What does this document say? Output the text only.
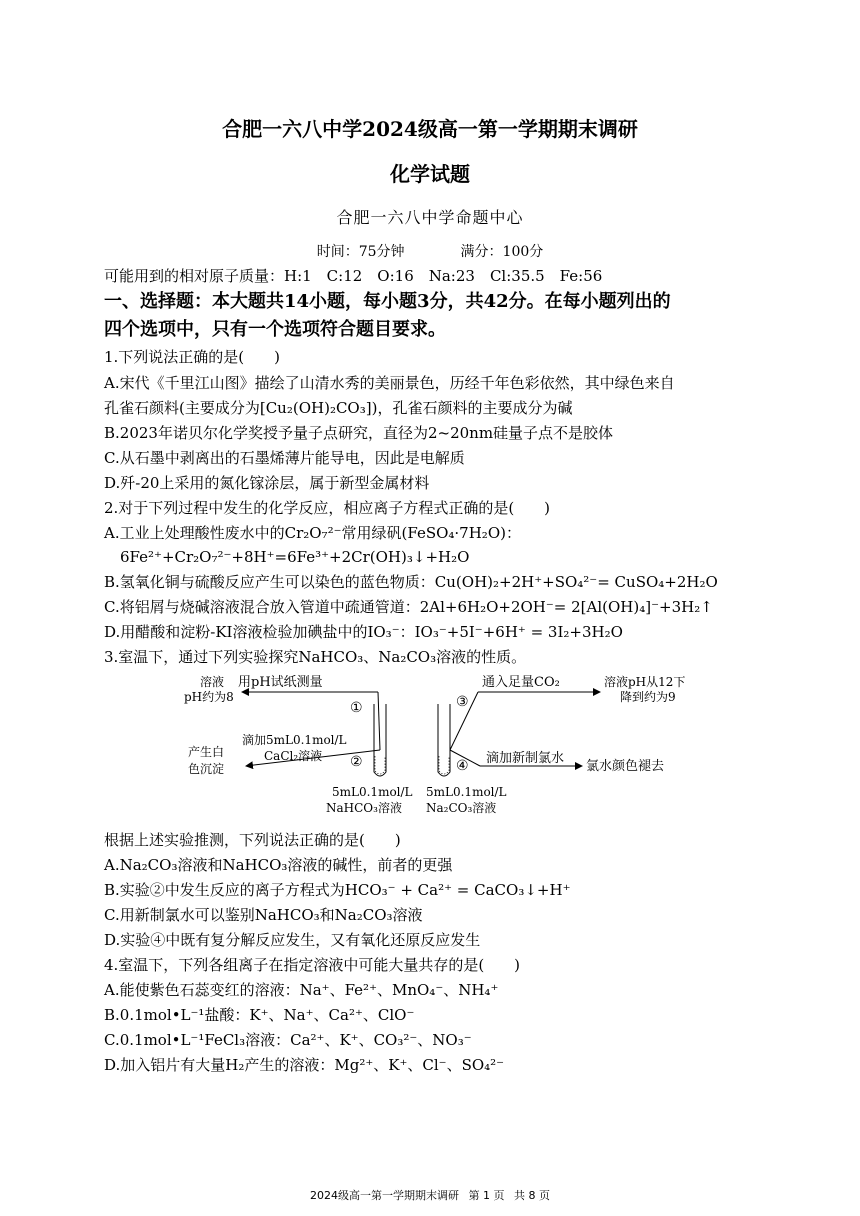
合肥一六八中学2024级高一第一学期期末调研
化学试题
合肥一六八中学命题中心
时间：75分钟	满分：100分
可能用到的相对原子质量：H:1　C:12　O:16　Na:23　Cl:35.5　Fe:56
一、选择题：本大题共14小题，每小题3分，共42分。在每小题列出的
四个选项中，只有一个选项符合题目要求。
1.下列说法正确的是(　　)
A.宋代《千里江山图》描绘了山清水秀的美丽景色，历经千年色彩依然，其中绿色来自
孔雀石颜料(主要成分为[Cu₂(OH)₂CO₃])，孔雀石颜料的主要成分为碱
B.2023年诺贝尔化学奖授予量子点研究，直径为2~20nm硅量子点不是胶体
C.从石墨中剥离出的石墨烯薄片能导电，因此是电解质
D.歼-20上采用的氮化镓涂层，属于新型金属材料
2.对于下列过程中发生的化学反应，相应离子方程式正确的是(　　)
A.工业上处理酸性废水中的Cr₂O₇²⁻常用绿矾(FeSO₄·7H₂O)：
6Fe²⁺+Cr₂O₇²⁻+8H⁺=6Fe³⁺+2Cr(OH)₃↓+H₂O
B.氢氧化铜与硫酸反应产生可以染色的蓝色物质：Cu(OH)₂+2H⁺+SO₄²⁻= CuSO₄+2H₂O
C.将铝屑与烧碱溶液混合放入管道中疏通管道：2Al+6H₂O+2OH⁻= 2[Al(OH)₄]⁻+3H₂↑
D.用醋酸和淀粉-KI溶液检验加碘盐中的IO₃⁻：IO₃⁻+5I⁻+6H⁺ = 3I₂+3H₂O
3.室温下，通过下列实验探究NaHCO₃、Na₂CO₃溶液的性质。
溶液
pH约为8
用pH试纸测量
①
滴加5mL0.1mol/L
CaCl₂溶液
产生白
色沉淀	②
5mL0.1mol/L
NaHCO₃溶液
5mL0.1mol/L
Na₂CO₃溶液
③
通入足量CO₂	溶液pH从12下
降到约为9
④ 滴加新制氯水
氯水颜色褪去
根据上述实验推测，下列说法正确的是(　　)
A.Na₂CO₃溶液和NaHCO₃溶液的碱性，前者的更强
B.实验②中发生反应的离子方程式为HCO₃⁻ + Ca²⁺ = CaCO₃↓+H⁺
C.用新制氯水可以鉴别NaHCO₃和Na₂CO₃溶液
D.实验④中既有复分解反应发生，又有氧化还原反应发生
4.室温下，下列各组离子在指定溶液中可能大量共存的是(　　)
A.能使紫色石蕊变红的溶液：Na⁺、Fe²⁺、MnO₄⁻、NH₄⁺
B.0.1mol•L⁻¹盐酸：K⁺、Na⁺、Ca²⁺、ClO⁻
C.0.1mol•L⁻¹FeCl₃溶液：Ca²⁺、K⁺、CO₃²⁻、NO₃⁻
D.加入铝片有大量H₂产生的溶液：Mg²⁺、K⁺、Cl⁻、SO₄²⁻
2024级高一第一学期期末调研 第 1 页 共 8 页
